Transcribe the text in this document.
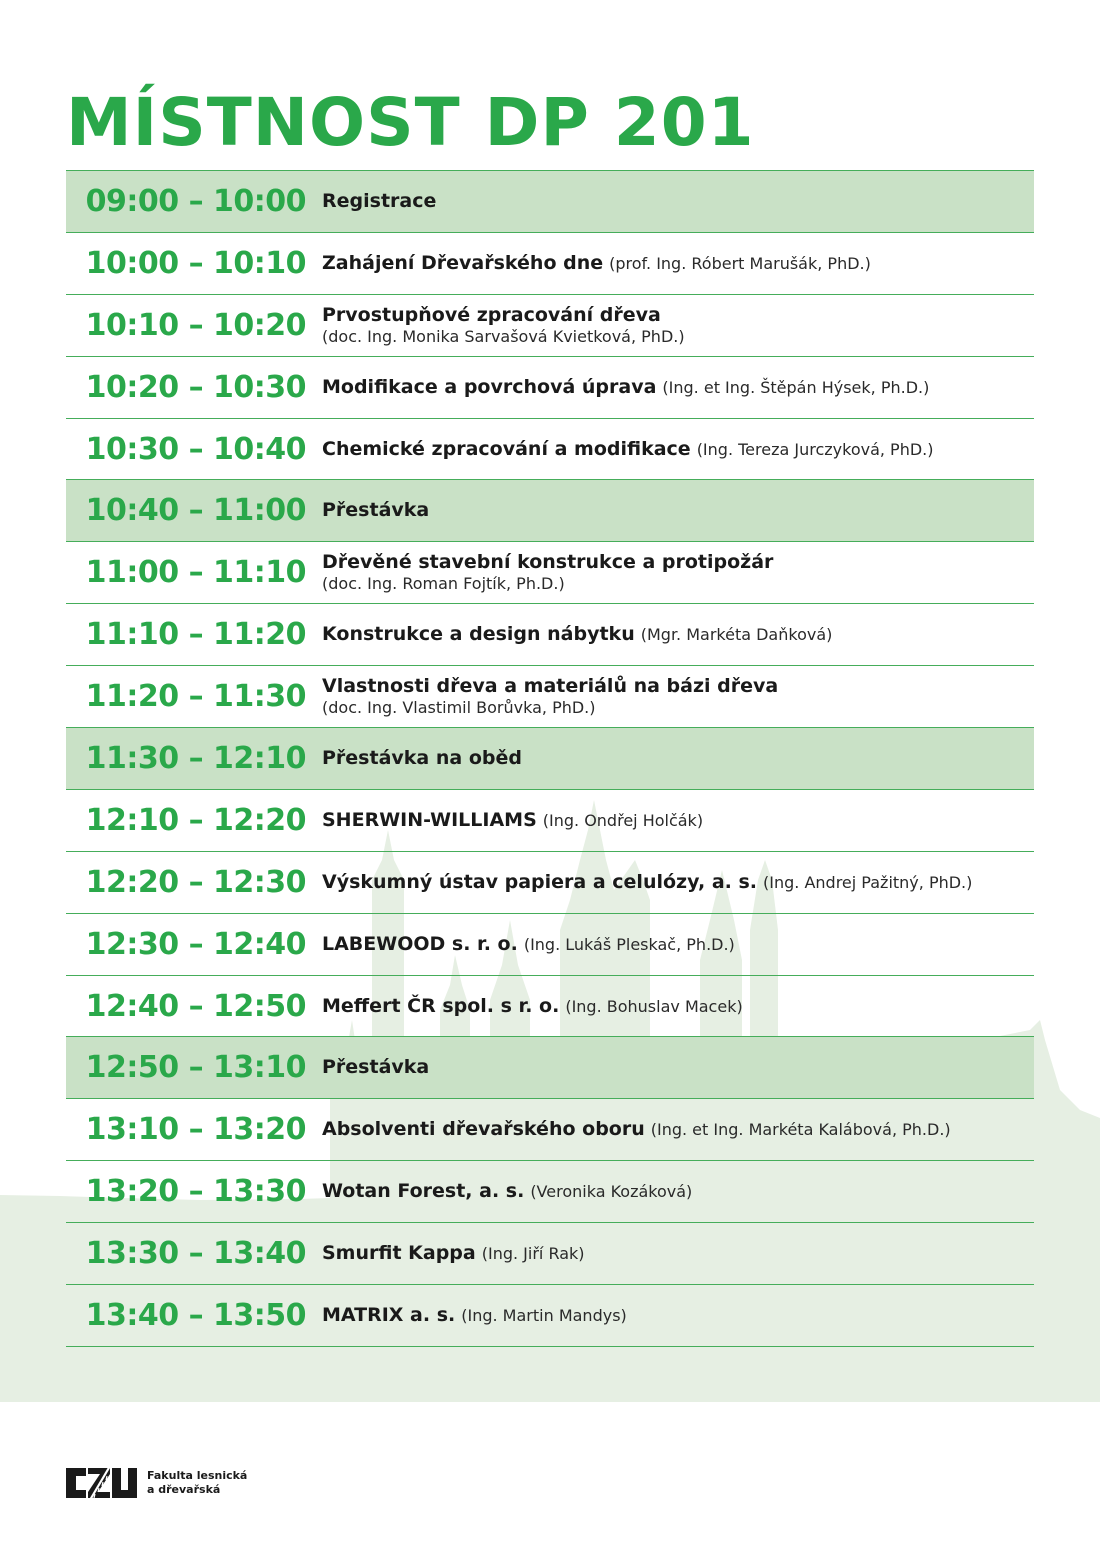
MÍSTNOST DP 201
09:00 – 10:00 Registrace
10:00 – 10:10 Zahájení Dřevařského dne (prof. Ing. Róbert Marušák, PhD.)
10:10 – 10:20 Prvostupňové zpracování dřeva
(doc. Ing. Monika Sarvašová Kvietková, PhD.)
10:20 – 10:30 Modifikace a povrchová úprava (Ing. et Ing. Štěpán Hýsek, Ph.D.)
10:30 – 10:40 Chemické zpracování a modifikace (Ing. Tereza Jurczyková, PhD.)
10:40 – 11:00 Přestávka
11:00 – 11:10 Dřevěné stavební konstrukce a protipožár
(doc. Ing. Roman Fojtík, Ph.D.)
11:10 – 11:20 Konstrukce a design nábytku (Mgr. Markéta Daňková)
11:20 – 11:30 Vlastnosti dřeva a materiálů na bázi dřeva
(doc. Ing. Vlastimil Borůvka, PhD.)
11:30 – 12:10 Přestávka na oběd
12:10 – 12:20 SHERWIN-WILLIAMS (Ing. Ondřej Holčák)
12:20 – 12:30 Výskumný ústav papiera a celulózy, a. s. (Ing. Andrej Pažitný, PhD.)
12:30 – 12:40 LABEWOOD s. r. o. (Ing. Lukáš Pleskač, Ph.D.)
12:40 – 12:50 Meffert ČR spol. s r. o. (Ing. Bohuslav Macek)
12:50 – 13:10 Přestávka
13:10 – 13:20 Absolventi dřevařského oboru (Ing. et Ing. Markéta Kalábová, Ph.D.)
13:20 – 13:30 Wotan Forest, a. s. (Veronika Kozáková)
13:30 – 13:40 Smurfit Kappa (Ing. Jiří Rak)
13:40 – 13:50 MATRIX a. s. (Ing. Martin Mandys)
Fakulta lesnická
a dřevařská
